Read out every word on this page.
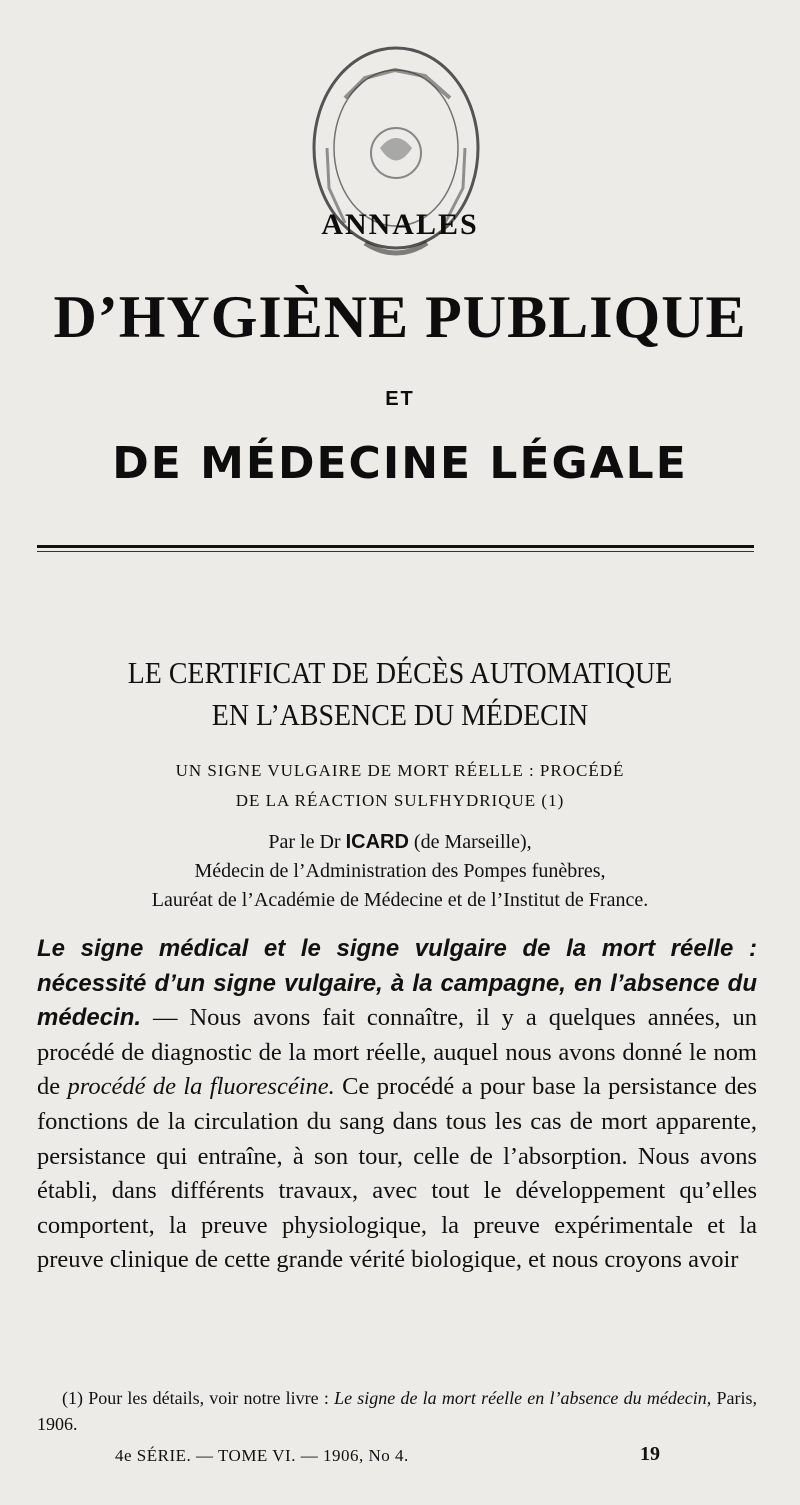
ANNALES
D’HYGIÈNE PUBLIQUE
ET
DE MÉDECINE LÉGALE
LE CERTIFICAT DE DÉCÈS AUTOMATIQUE
EN L’ABSENCE DU MÉDECIN
UN SIGNE VULGAIRE DE MORT RÉELLE : PROCÉDÉ
DE LA RÉACTION SULFHYDRIQUE (1)
Par le Dr ICARD (de Marseille),
Médecin de l’Administration des Pompes funèbres,
Lauréat de l’Académie de Médecine et de l’Institut de France.
Le signe médical et le signe vulgaire de la mort réelle : nécessité d’un signe vulgaire, à la campagne, en l’absence du médecin. — Nous avons fait connaître, il y a quelques années, un procédé de diagnostic de la mort réelle, auquel nous avons donné le nom de procédé de la fluorescéine. Ce procédé a pour base la persistance des fonctions de la circulation du sang dans tous les cas de mort apparente, persistance qui entraîne, à son tour, celle de l’absorption. Nous avons établi, dans différents travaux, avec tout le développement qu’elles comportent, la preuve physiologique, la preuve expérimentale et la preuve clinique de cette grande vérité biologique, et nous croyons avoir
(1) Pour les détails, voir notre livre : Le signe de la mort réelle en l’absence du médecin, Paris, 1906.
4e SÉRIE. — TOME VI. — 1906, No 4.	19
